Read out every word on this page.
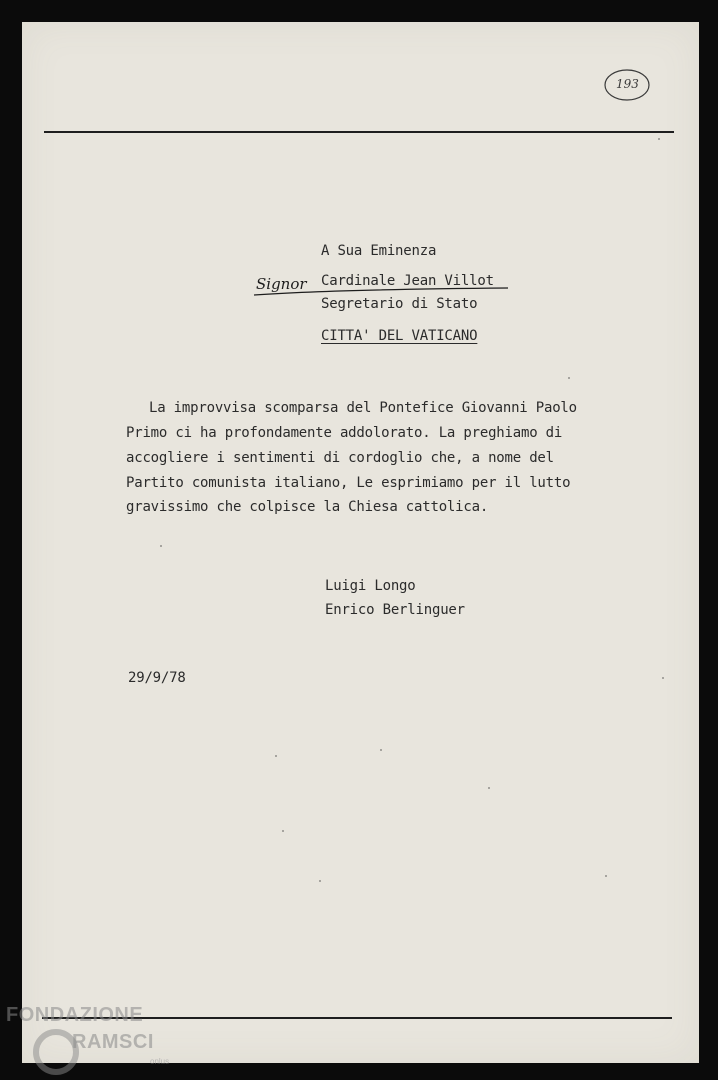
193
A Sua Eminenza
Signor Cardinale Jean Villot
Segretario di Stato
CITTA' DEL VATICANO
La improvvisa scomparsa del Pontefice Giovanni Paolo
Primo ci ha profondamente addolorato. La preghiamo di
accogliere i sentimenti di cordoglio che, a nome del
Partito comunista italiano, Le esprimiamo per il lutto
gravissimo che colpisce la Chiesa cattolica.
Luigi Longo
Enrico Berlinguer
29/9/78
FONDAZIONE
RAMSCI
onlus
